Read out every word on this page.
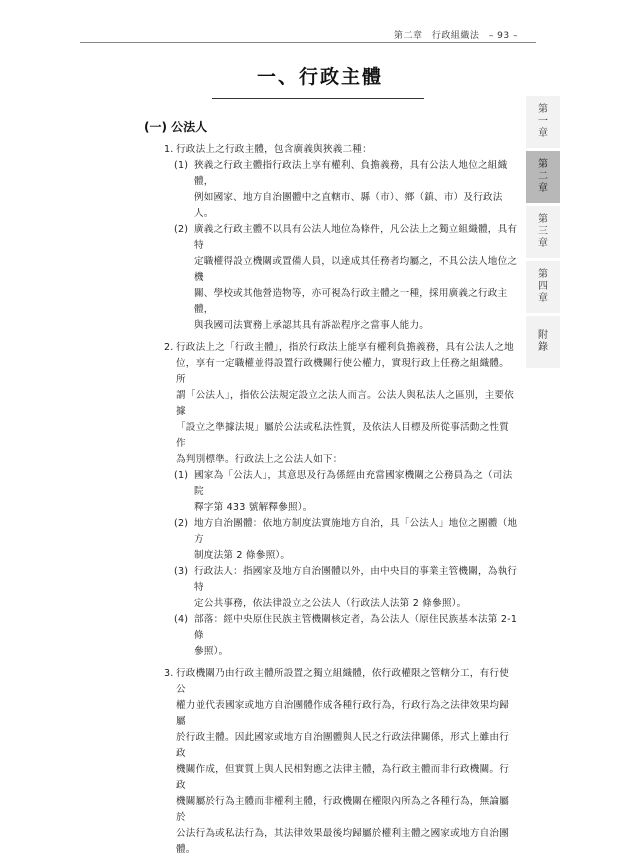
第二章 行政組織法 – 93 –
一、行政主體
(一) 公法人
1. 行政法上之行政主體，包含廣義與狹義二種：
(1) 狹義之行政主體指行政法上享有權利、負擔義務，具有公法人地位之組織體，
例如國家、地方自治團體中之直轄市、縣（市）、鄉（鎮、市）及行政法人。
(2) 廣義之行政主體不以具有公法人地位為條件，凡公法上之獨立組織體，具有特
定職權得設立機關或置備人員，以達成其任務者均屬之，不具公法人地位之機
關、學校或其他營造物等，亦可視為行政主體之一種，採用廣義之行政主體，
與我國司法實務上承認其具有訴訟程序之當事人能力。
2. 行政法上之「行政主體」，指於行政法上能享有權利負擔義務，具有公法人之地
位，享有一定職權並得設置行政機關行使公權力，實現行政上任務之組織體。所
謂「公法人」，指依公法規定設立之法人而言。公法人與私法人之區別，主要依據
「設立之準據法規」屬於公法或私法性質，及依法人目標及所從事活動之性質作
為判別標準。行政法上之公法人如下：
(1) 國家為「公法人」，其意思及行為係經由充當國家機關之公務員為之（司法院
釋字第 433 號解釋參照）。
(2) 地方自治團體：依地方制度法實施地方自治，具「公法人」地位之團體（地方
制度法第 2 條參照）。
(3) 行政法人：指國家及地方自治團體以外，由中央目的事業主管機關，為執行特
定公共事務，依法律設立之公法人（行政法人法第 2 條參照）。
(4) 部落：經中央原住民族主管機關核定者，為公法人（原住民族基本法第 2-1 條
參照）。
3. 行政機關乃由行政主體所設置之獨立組織體，依行政權限之管轄分工，有行使公
權力並代表國家或地方自治團體作成各種行政行為，行政行為之法律效果均歸屬
於行政主體。因此國家或地方自治團體與人民之行政法律關係，形式上雖由行政
機關作成，但實質上與人民相對應之法律主體，為行政主體而非行政機關。行政
機關屬於行為主體而非權利主體，行政機關在權限內所為之各種行為，無論屬於
公法行為或私法行為，其法律效果最後均歸屬於權利主體之國家或地方自治團體。
第
一
章
第
二
章
第
三
章
第
四
章
附
錄
